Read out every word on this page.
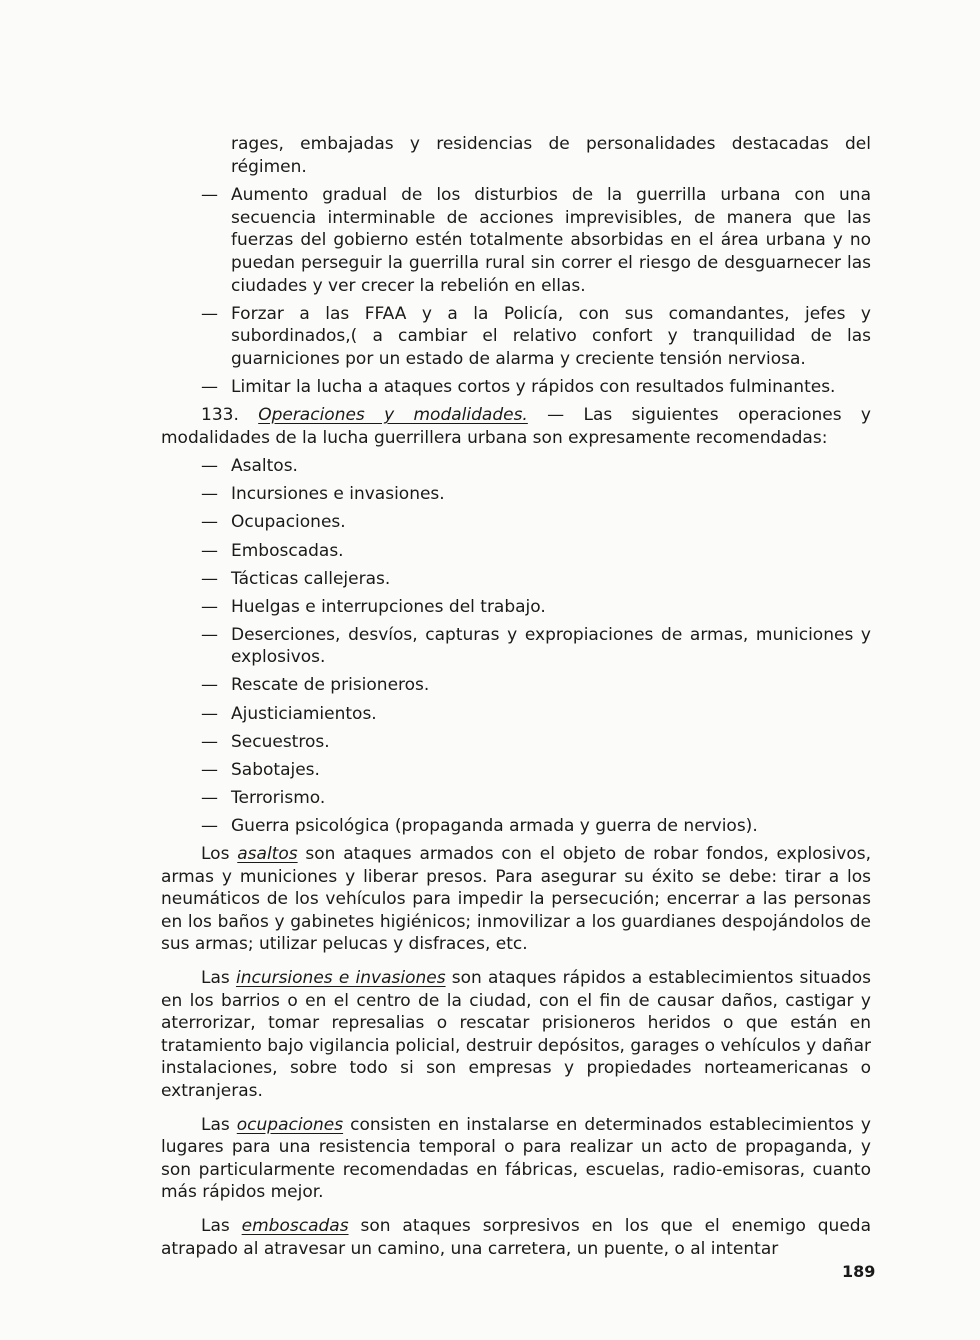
rages, embajadas y residencias de personalidades destacadas del régimen.
— Aumento gradual de los disturbios de la guerrilla urbana con una secuencia interminable de acciones imprevisibles, de manera que las fuerzas del gobierno estén totalmente absorbidas en el área urbana y no puedan perseguir la guerrilla rural sin correr el riesgo de desguarnecer las ciudades y ver crecer la rebelión en ellas.
— Forzar a las FFAA y a la Policía, con sus comandantes, jefes y subordinados,( a cambiar el relativo confort y tranquilidad de las guarniciones por un estado de alarma y creciente tensión nerviosa.
— Limitar la lucha a ataques cortos y rápidos con resultados fulminantes.

133. Operaciones y modalidades. — Las siguientes operaciones y modalidades de la lucha guerrillera urbana son expresamente recomendadas:

— Asaltos.
— Incursiones e invasiones.
— Ocupaciones.
— Emboscadas.
— Tácticas callejeras.
— Huelgas e interrupciones del trabajo.
— Deserciones, desvíos, capturas y expropiaciones de armas, municiones y explosivos.
— Rescate de prisioneros.
— Ajusticiamientos.
— Secuestros.
— Sabotajes.
— Terrorismo.
— Guerra psicológica (propaganda armada y guerra de nervios).

Los asaltos son ataques armados con el objeto de robar fondos, explosivos, armas y municiones y liberar presos. Para asegurar su éxito se debe: tirar a los neumáticos de los vehículos para impedir la persecución; encerrar a las personas en los baños y gabinetes higiénicos; inmovilizar a los guardianes despojándolos de sus armas; utilizar pelucas y disfraces, etc.

Las incursiones e invasiones son ataques rápidos a establecimientos situados en los barrios o en el centro de la ciudad, con el fin de causar daños, castigar y aterrorizar, tomar represalias o rescatar prisioneros heridos o que están en tratamiento bajo vigilancia policial, destruir depósitos, garages o vehículos y dañar instalaciones, sobre todo si son empresas y propiedades norteamericanas o extranjeras.

Las ocupaciones consisten en instalarse en determinados establecimientos y lugares para una resistencia temporal o para realizar un acto de propaganda, y son particularmente recomendadas en fábricas, escuelas, radio-emisoras, cuanto más rápidos mejor.

Las emboscadas son ataques sorpresivos en los que el enemigo queda atrapado al atravesar un camino, una carretera, un puente, o al intentar

189
